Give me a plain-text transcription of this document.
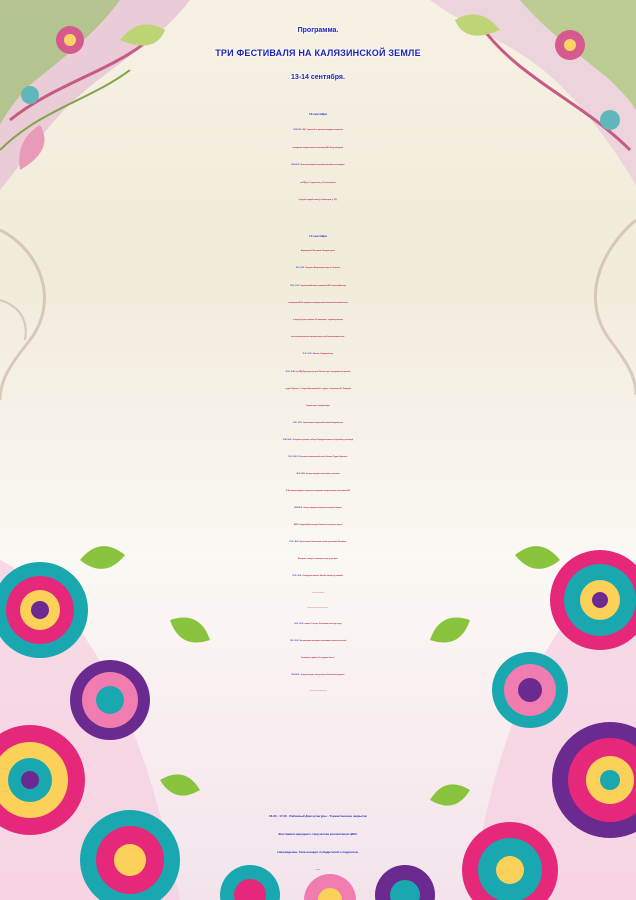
Программа.
ТРИ ФЕСТИВАЛЯ НА КАЛЯЗИНСКОЙ ЗЕМЛЕ
13-14 сентября.
13 сентября
11.00-11.45 - РДК - Открытие 9-го фестиваля народного творчества
молодёжных самодеятельных коллективов ЦФО. Вход свободный.
15.00-19.00 - Просмотр конкурсных программ фестиваля на площадках:
зал РДК (ул. Студенческая, д. 27) и актовый зал
Городской средней школы (ул. Коминтерна, д. 101).
14 сентября
Мероприятия III Фестиваля «Походная кухня»
8.30 - 10.30 - Литургия в Вознесенском храме в г. Калязина.
10.30 - 11.15 - Торжественный митинг у памятника М.В. Скопину-Шуйскому,
посвященный 410-й годовщине освободительной битвы на Калязинской земле
в период Смутного времени. По завершении - отправка делегации
на возложение цветов к поклонному кресту на Константиновском поле.
11.15 - 12.00 - Шествие в Городской парк.
11.00 - 11.45 - (зал РДК) Просмотр спектакля "Великие горы" молодежной театральной
студии «Пересвет» с. Угодичи Ярославской обл., худ.рук. и автор пьесы Н.Г. Гончарова
Главная сцена. Городской парк.
12.00 - 12.10 - Торжественное открытие Фестиваля Походной кухни.
12.00- 16.00 - «Тверская стрелецкая слобода».Площадка активности (стрельбище, ристалище)
12.10 -14.00 - X Фестиваль патриотической песни «Калязин. Родина. Единство».
14.00 -15.00 - Концерт народных коллективов, участников
IX Фестиваля народного творчества молодежных самодеятельных коллективов ЦФО
15.00-16.00 - Концерт народного вокального ансамбля «Каприз»
МБУК «Городской Дом культуры Кашинского городского округа»
13.00 - 14.00 - Приготовление Калязинской солянки участниками Фестиваля.
Викторина, конкурсы, кулинарные игры, дегустация.
13.00 - 16.00 - Площадка активности «Меткий, смелый, да сильный»:
12.00 - 16.00 - привал «У костра». Исполнение песен под гитару.
12.00 - 16.00 - Интерактивная программа с выставками сельских поселений
Калязинского района «Село дарами богато».
12.00-16.00 - «Улица мастеров»: мастер-классы «Калязинское кружево»,
16.00 - 17.30 - Районный Дом культуры - Торжественное закрытие
Фестиваля народного творчества коллективов ЦФО.
Награждение. Гала-концерт победителей и лауреатов.
